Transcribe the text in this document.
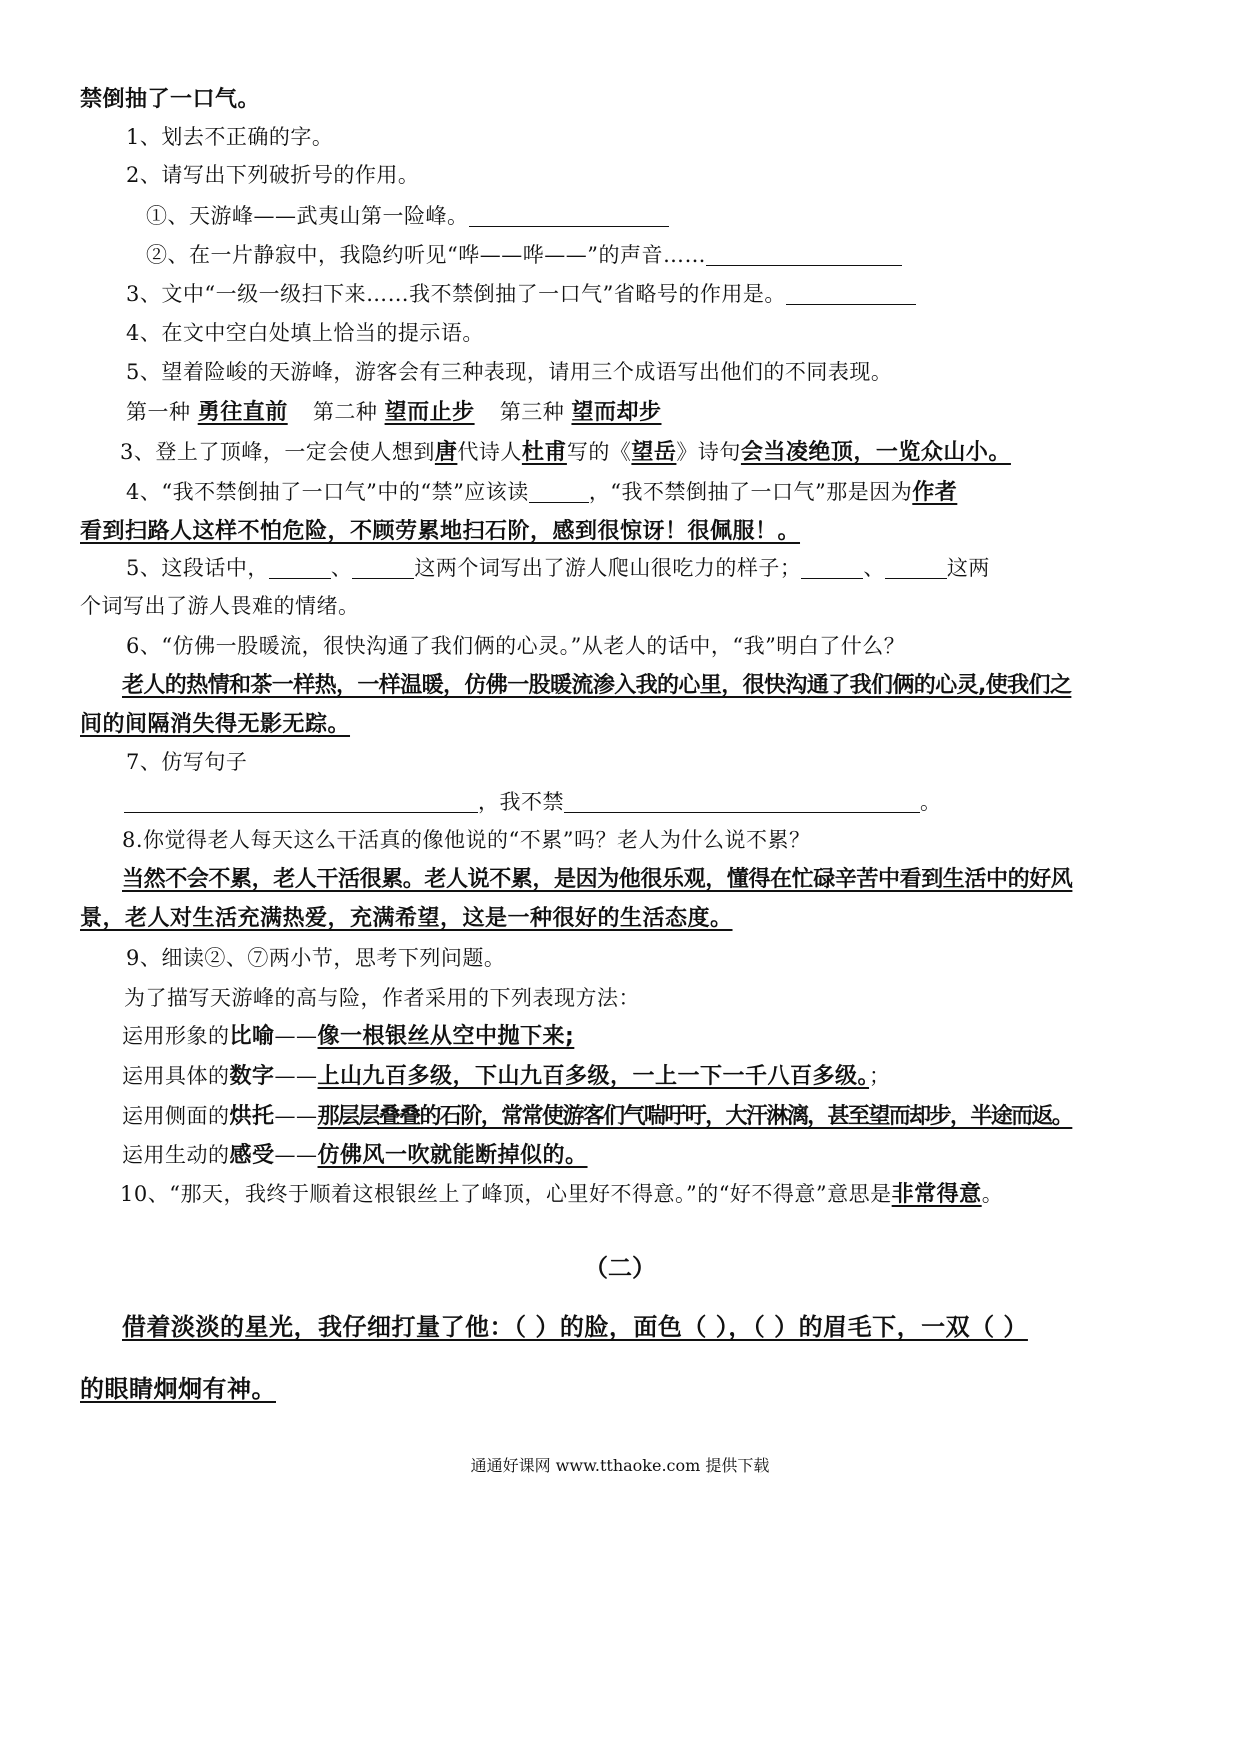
禁倒抽了一口气。
1、划去不正确的字。
2、请写出下列破折号的作用。
①、天游峰——武夷山第一险峰。
②、在一片静寂中，我隐约听见“哗——哗——”的声音……
3、文中“一级一级扫下来……我不禁倒抽了一口气”省略号的作用是。
4、在文中空白处填上恰当的提示语。
5、望着险峻的天游峰，游客会有三种表现，请用三个成语写出他们的不同表现。
第一种 勇往直前 第二种 望而止步 第三种 望而却步
3、登上了顶峰，一定会使人想到唐代诗人杜甫写的《望岳》诗句会当凌绝顶，一览众山小。
4、“我不禁倒抽了一口气”中的“禁”应该读	，“我不禁倒抽了一口气”那是因为作者
看到扫路人这样不怕危险，不顾劳累地扫石阶，感到很惊讶！很佩服！。
5、这段话中，	、	这两个词写出了游人爬山很吃力的样子；	、	这两
个词写出了游人畏难的情绪。
6、“仿佛一股暖流，很快沟通了我们俩的心灵。”从老人的话中，“我”明白了什么？
老人的热情和茶一样热，一样温暖，仿佛一股暖流渗入我的心里，很快沟通了我们俩的心灵,使我们之
间的间隔消失得无影无踪。
7、仿写句子
，我不禁	。
8.你觉得老人每天这么干活真的像他说的“不累”吗？老人为什么说不累？
当然不会不累，老人干活很累。老人说不累，是因为他很乐观，懂得在忙碌辛苦中看到生活中的好风
景，老人对生活充满热爱，充满希望，这是一种很好的生活态度。
9、细读②、⑦两小节，思考下列问题。
为了描写天游峰的高与险，作者采用的下列表现方法：
运用形象的比喻——像一根银丝从空中抛下来;
运用具体的数字——上山九百多级，下山九百多级，一上一下一千八百多级。；
运用侧面的烘托——那层层叠叠的石阶，常常使游客们气喘吁吁，大汗淋漓，甚至望而却步，半途而返。
运用生动的感受——仿佛风一吹就能断掉似的。
10、“那天，我终于顺着这根银丝上了峰顶，心里好不得意。”的“好不得意”意思是非常得意。
（二）
借着淡淡的星光，我仔细打量了他：（ ）的脸，面色（ ），（ ）的眉毛下，一双（ ）
的眼睛炯炯有神。
通通好课网 www.tthaoke.com 提供下载
